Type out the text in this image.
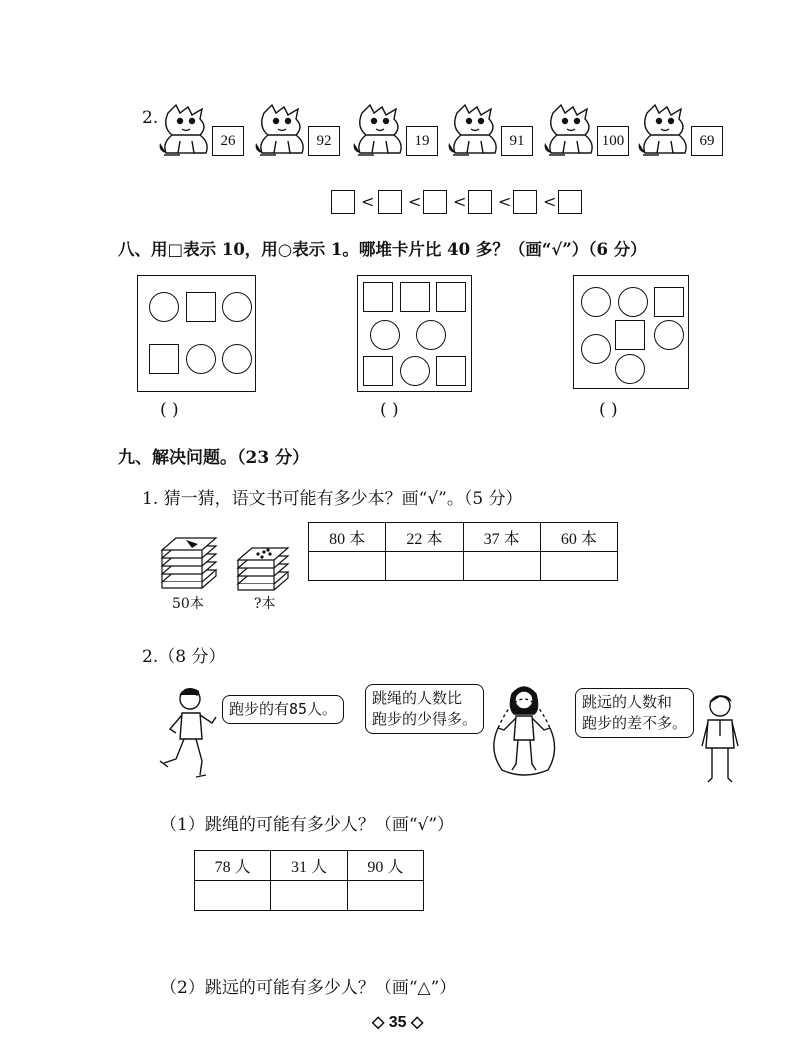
2.
26	92	19	91	100	69
< < < < <
八、用□表示 10，用○表示 1。哪堆卡片比 40 多？（画“√”）（6 分）
( )	( )	( )
九、解决问题。（23 分）
1. 猜一猜，语文书可能有多少本？画“√”。（5 分）
50本	?本
80 本	22 本	37 本	60 本

2.（8 分）
跑步的有85人。
跳绳的人数比
跑步的少得多。
跳远的人数和
跑步的差不多。
（1）跳绳的可能有多少人？（画“√”）
78 人	31 人	90 人

（2）跳远的可能有多少人？（画“△”）
◇ 35 ◇
